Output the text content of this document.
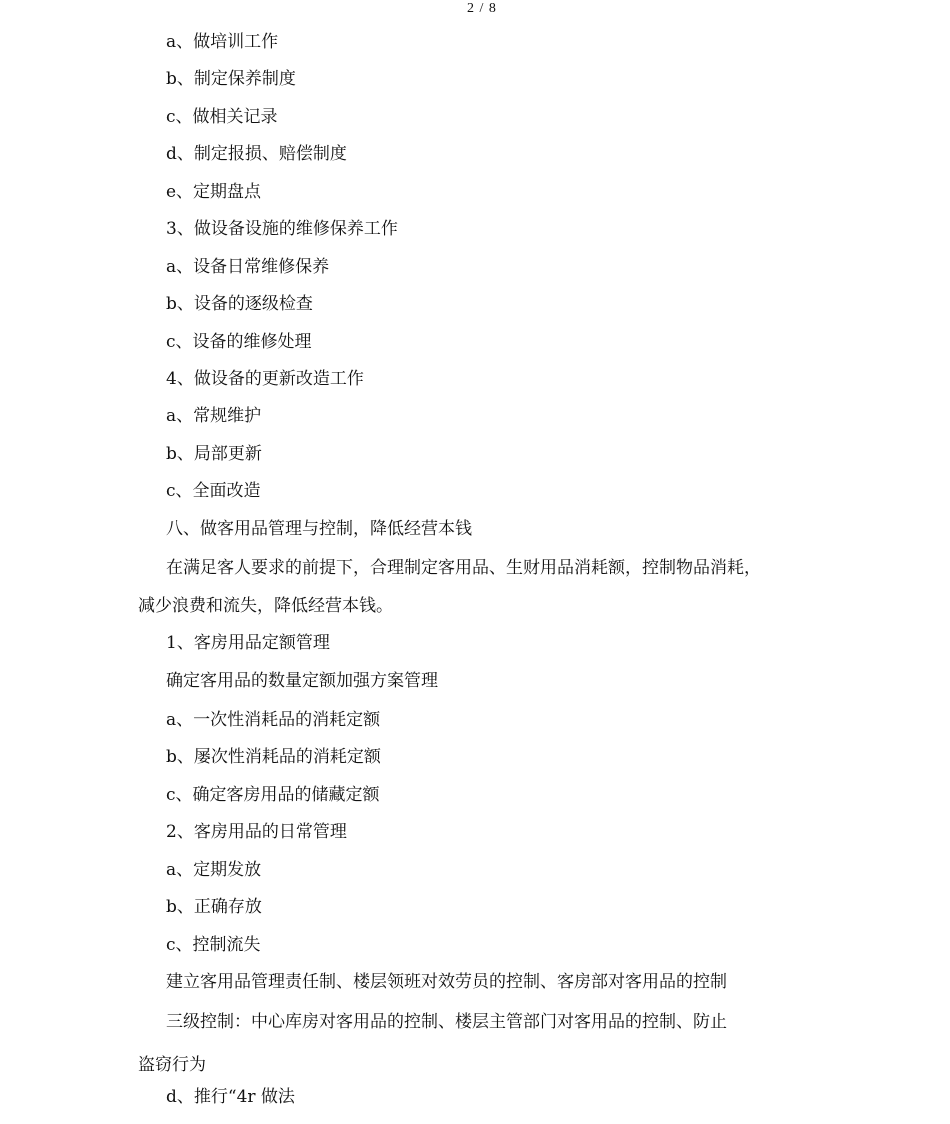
2 / 8
a、做培训工作
b、制定保养制度
c、做相关记录
d、制定报损、赔偿制度
e、定期盘点
3、做设备设施的维修保养工作
a、设备日常维修保养
b、设备的逐级检查
c、设备的维修处理
4、做设备的更新改造工作
a、常规维护
b、局部更新
c、全面改造
八、做客用品管理与控制，降低经营本钱
在满足客人要求的前提下，合理制定客用品、生财用品消耗额，控制物品消耗，
减少浪费和流失，降低经营本钱。
1、客房用品定额管理
确定客用品的数量定额加强方案管理
a、一次性消耗品的消耗定额
b、屡次性消耗品的消耗定额
c、确定客房用品的储藏定额
2、客房用品的日常管理
a、定期发放
b、正确存放
c、控制流失
建立客用品管理责任制、楼层领班对效劳员的控制、客房部对客用品的控制
三级控制：中心库房对客用品的控制、楼层主管部门对客用品的控制、防止
盗窃行为
d、推行“4r 做法
